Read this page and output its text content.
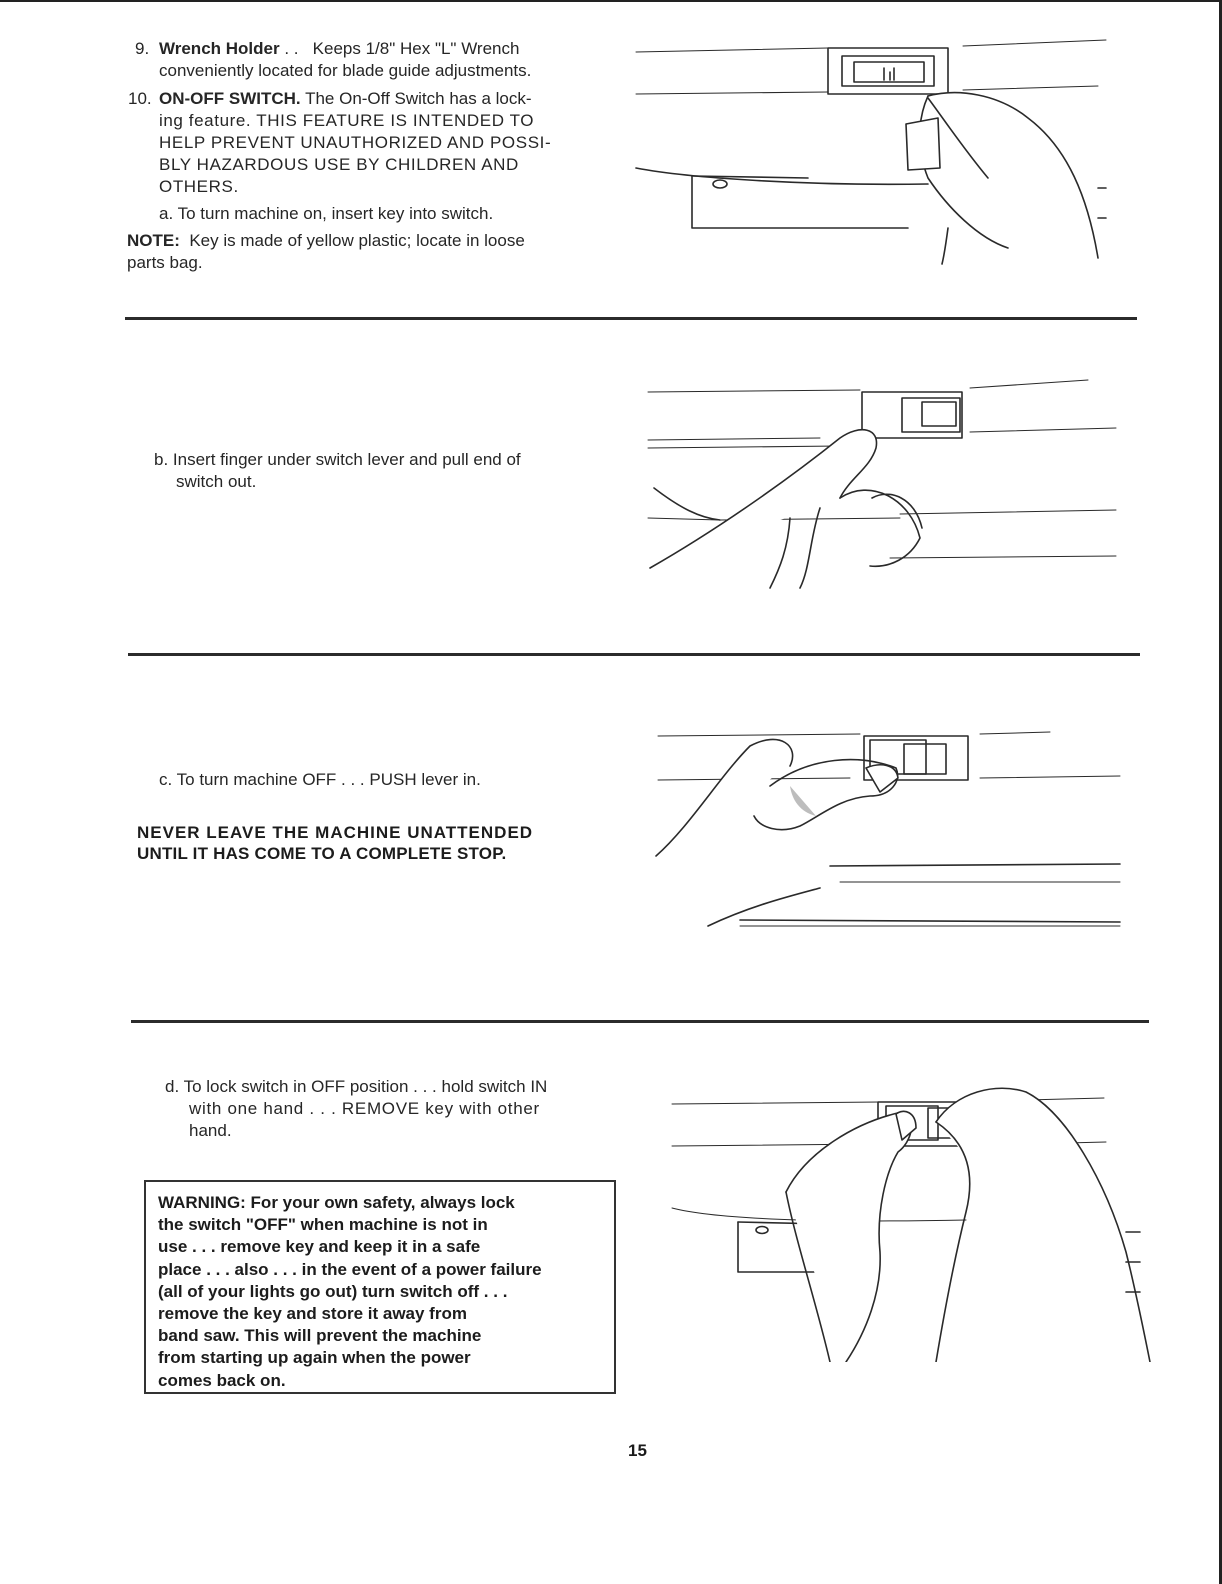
9. Wrench Holder . . Keeps 1/8" Hex "L" Wrench
conveniently located for blade guide adjustments.
10. ON-OFF SWITCH. The On-Off Switch has a lock-
ing feature. THIS FEATURE IS INTENDED TO
HELP PREVENT UNAUTHORIZED AND POSSI-
BLY HAZARDOUS USE BY CHILDREN AND
OTHERS.
a. To turn machine on, insert key into switch.
NOTE: Key is made of yellow plastic; locate in loose
parts bag.
b. Insert finger under switch lever and pull end of
switch out.
c. To turn machine OFF . . . PUSH lever in.
NEVER LEAVE THE MACHINE UNATTENDED
UNTIL IT HAS COME TO A COMPLETE STOP.
d. To lock switch in OFF position . . . hold switch IN
with one hand . . . REMOVE key with other
hand.
WARNING: For your own safety, always lock
the switch "OFF" when machine is not in
use . . . remove key and keep it in a safe
place . . . also . . . in the event of a power failure
(all of your lights go out) turn switch off . . .
remove the key and store it away from
band saw. This will prevent the machine
from starting up again when the power
comes back on.
15
